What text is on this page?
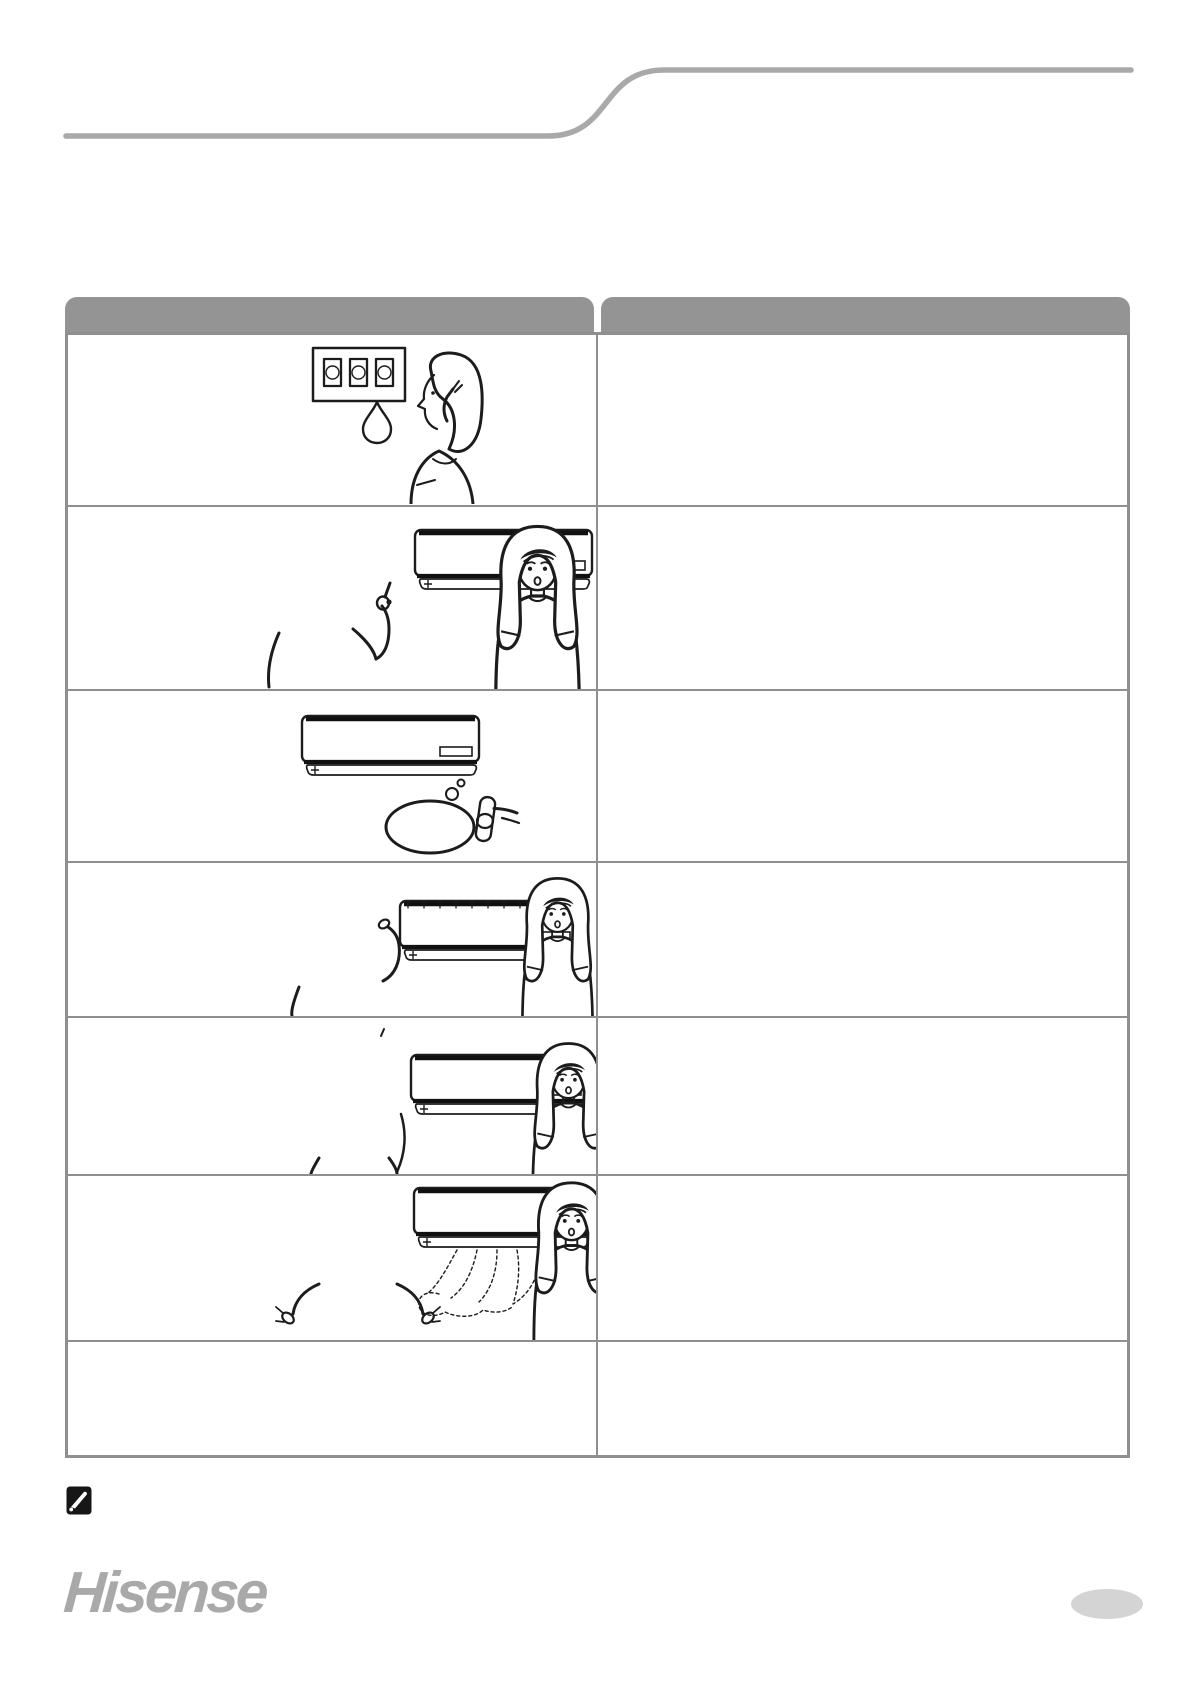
Hisense
